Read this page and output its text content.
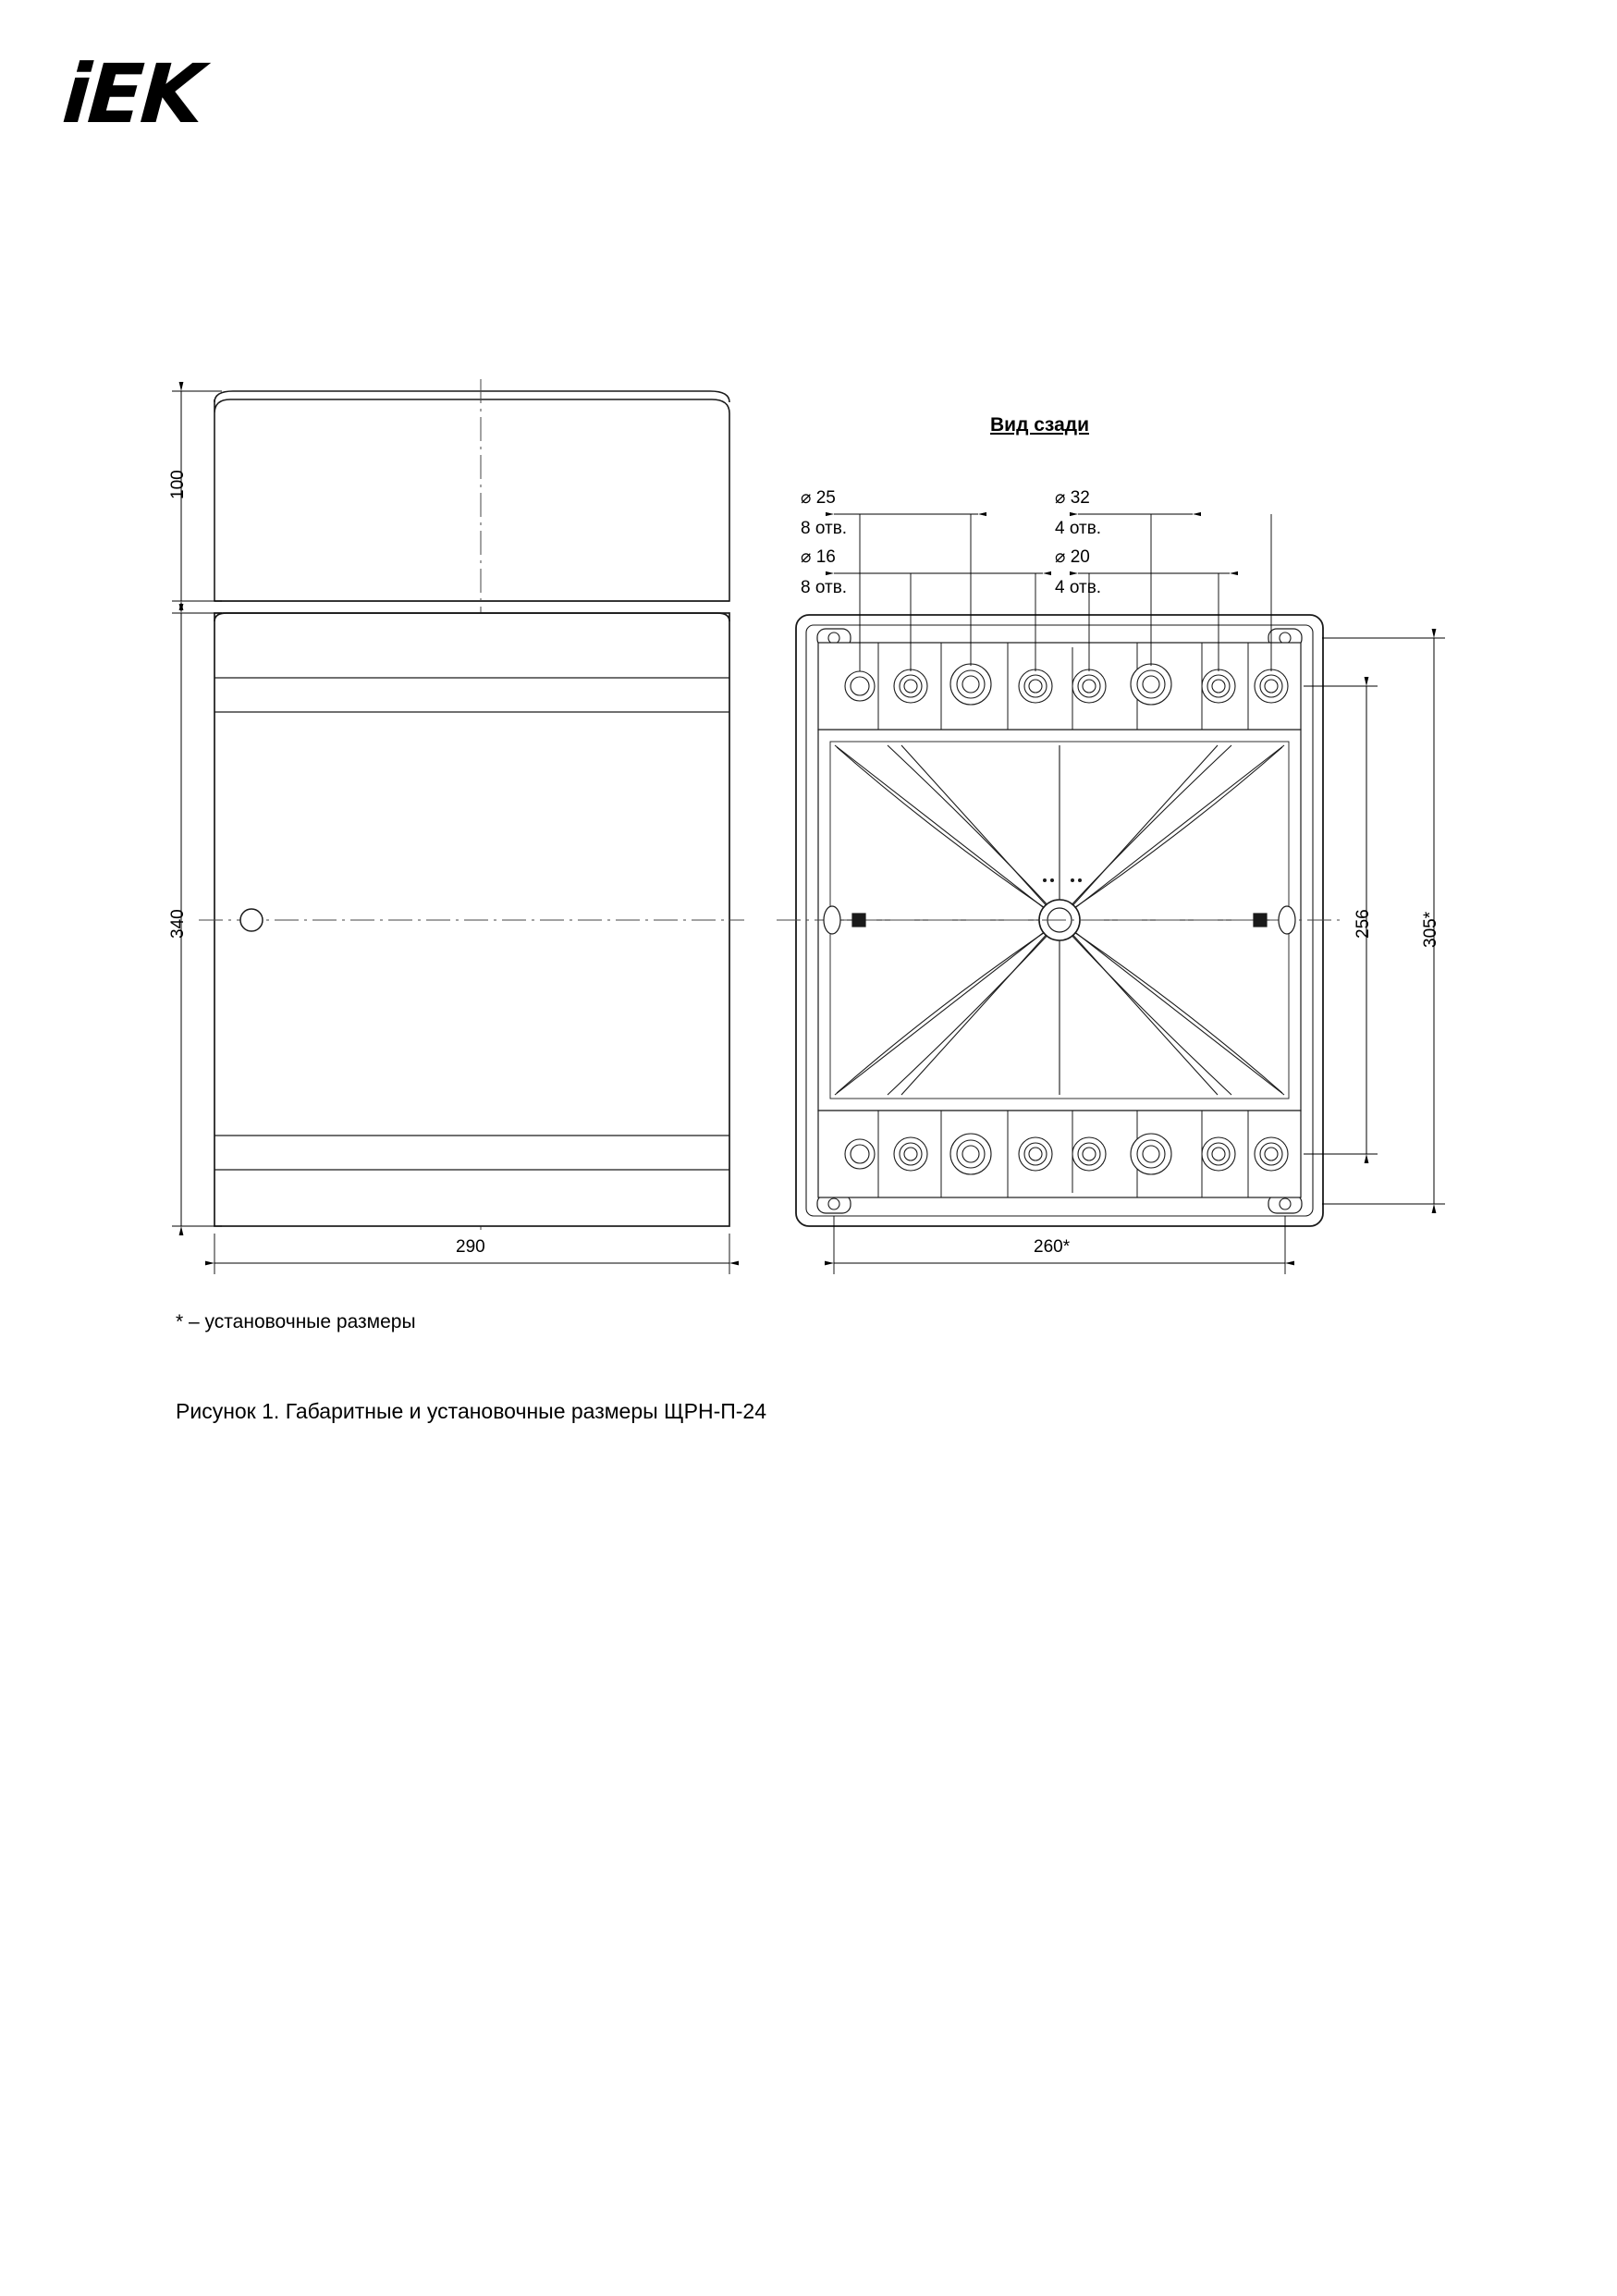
iEK
Вид сзади
100
340
290
⌀ 25
8 отв.
⌀ 16
8 отв.
⌀ 32
4 отв.
⌀ 20
4 отв.
256	305*
260*
* – установочные размеры
Рисунок 1. Габаритные и установочные размеры ЩРН-П-24
